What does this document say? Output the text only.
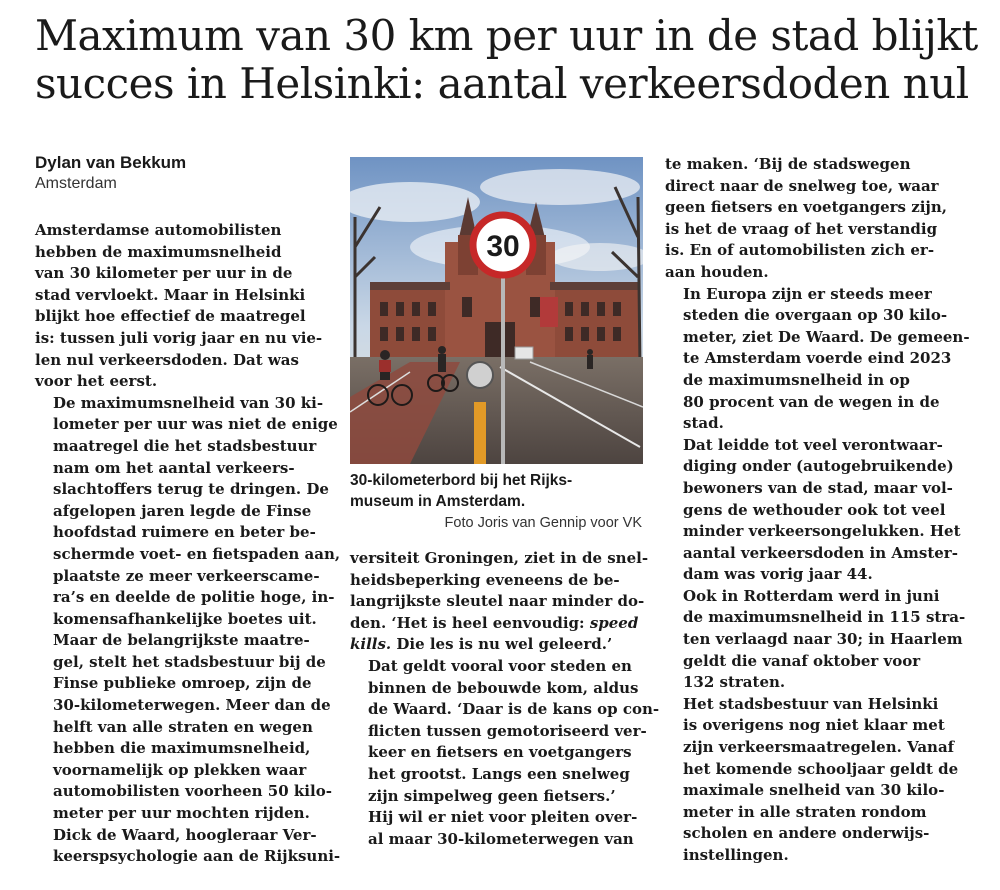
Maximum van 30 km per uur in de stad blijkt
succes in Helsinki: aantal verkeersdoden nul
Dylan van Bekkum
Amsterdam

Amsterdamse automobilisten
hebben de maximumsnelheid
van 30 kilometer per uur in de
stad vervloekt. Maar in Helsinki
blijkt hoe effectief de maatregel
is: tussen juli vorig jaar en nu vie-
len nul verkeersdoden. Dat was
voor het eerst.

De maximumsnelheid van 30 ki-
lometer per uur was niet de enige
maatregel die het stadsbestuur
nam om het aantal verkeers-
slachtoffers terug te dringen. De
afgelopen jaren legde de Finse
hoofdstad ruimere en beter be-
schermde voet- en fietspaden aan,
plaatste ze meer verkeerscame-
ra’s en deelde de politie hoge, in-
komensafhankelijke boetes uit.

Maar de belangrijkste maatre-
gel, stelt het stadsbestuur bij de
Finse publieke omroep, zijn de
30-kilometerwegen. Meer dan de
helft van alle straten en wegen
hebben die maximumsnelheid,
voornamelijk op plekken waar
automobilisten voorheen 50 kilo-
meter per uur mochten rijden.

Dick de Waard, hoogleraar Ver-
keerspsychologie aan de Rijksuni-

30
30-kilometerbord bij het Rijks-
museum in Amsterdam.
Foto Joris van Gennip voor VK

versiteit Groningen, ziet in de snel-
heidsbeperking eveneens de be-
langrijkste sleutel naar minder do-
den. ‘Het is heel eenvoudig: speed
kills. Die les is nu wel geleerd.’

Dat geldt vooral voor steden en
binnen de bebouwde kom, aldus
de Waard. ‘Daar is de kans op con-
flicten tussen gemotoriseerd ver-
keer en fietsers en voetgangers
het grootst. Langs een snelweg
zijn simpelweg geen fietsers.’

Hij wil er niet voor pleiten over-
al maar 30-kilometerwegen van

te maken. ‘Bij de stadswegen
direct naar de snelweg toe, waar
geen fietsers en voetgangers zijn,
is het de vraag of het verstandig
is. En of automobilisten zich er-
aan houden.

In Europa zijn er steeds meer
steden die overgaan op 30 kilo-
meter, ziet De Waard. De gemeen-
te Amsterdam voerde eind 2023
de maximumsnelheid in op
80 procent van de wegen in de
stad.

Dat leidde tot veel verontwaar-
diging onder (autogebruikende)
bewoners van de stad, maar vol-
gens de wethouder ook tot veel
minder verkeersongelukken. Het
aantal verkeersdoden in Amster-
dam was vorig jaar 44.

Ook in Rotterdam werd in juni
de maximumsnelheid in 115 stra-
ten verlaagd naar 30; in Haarlem
geldt die vanaf oktober voor
132 straten.

Het stadsbestuur van Helsinki
is overigens nog niet klaar met
zijn verkeersmaatregelen. Vanaf
het komende schooljaar geldt de
maximale snelheid van 30 kilo-
meter in alle straten rondom
scholen en andere onderwijs-
instellingen.
